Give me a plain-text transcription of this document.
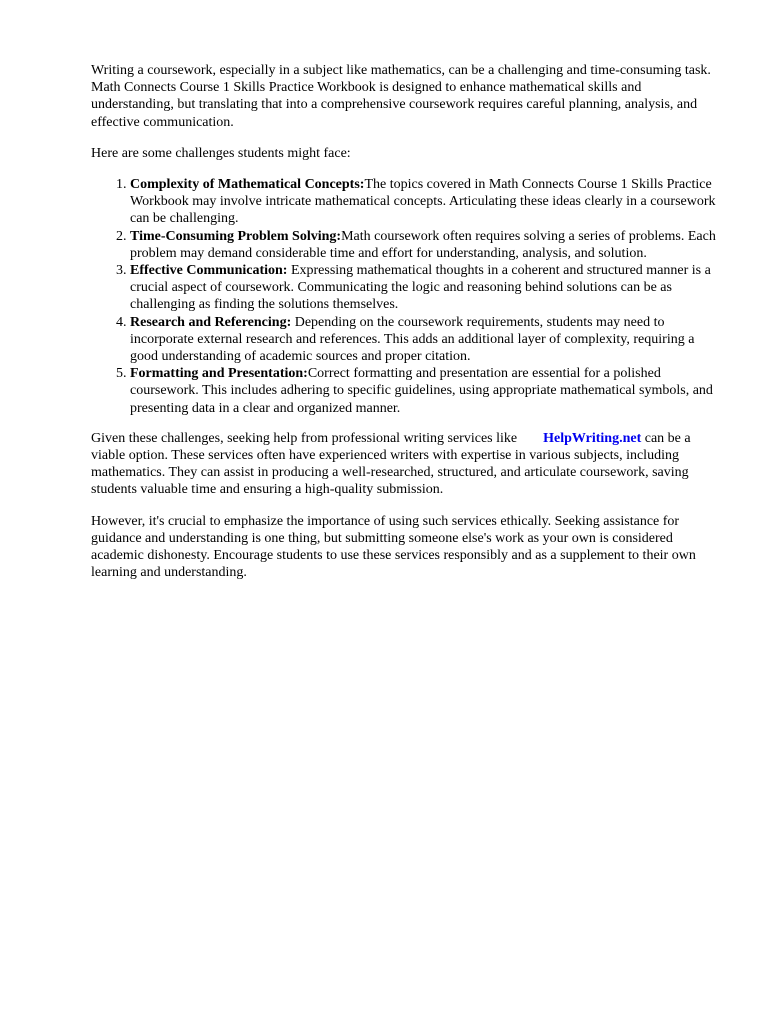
Writing a coursework, especially in a subject like mathematics, can be a challenging and time-consuming task. Math Connects Course 1 Skills Practice Workbook is designed to enhance mathematical skills and understanding, but translating that into a comprehensive coursework requires careful planning, analysis, and effective communication.

Here are some challenges students might face:

1. Complexity of Mathematical Concepts:The topics covered in Math Connects Course 1 Skills Practice Workbook may involve intricate mathematical concepts. Articulating these ideas clearly in a coursework can be challenging.
2. Time-Consuming Problem Solving:Math coursework often requires solving a series of problems. Each problem may demand considerable time and effort for understanding, analysis, and solution.
3. Effective Communication: Expressing mathematical thoughts in a coherent and structured manner is a crucial aspect of coursework. Communicating the logic and reasoning behind solutions can be as challenging as finding the solutions themselves.
4. Research and Referencing: Depending on the coursework requirements, students may need to incorporate external research and references. This adds an additional layer of complexity, requiring a good understanding of academic sources and proper citation.
5. Formatting and Presentation:Correct formatting and presentation are essential for a polished coursework. This includes adhering to specific guidelines, using appropriate mathematical symbols, and presenting data in a clear and organized manner.

Given these challenges, seeking help from professional writing services like HelpWriting.net can be a viable option. These services often have experienced writers with expertise in various subjects, including mathematics. They can assist in producing a well-researched, structured, and articulate coursework, saving students valuable time and ensuring a high-quality submission.

However, it's crucial to emphasize the importance of using such services ethically. Seeking assistance for guidance and understanding is one thing, but submitting someone else's work as your own is considered academic dishonesty. Encourage students to use these services responsibly and as a supplement to their own learning and understanding.
